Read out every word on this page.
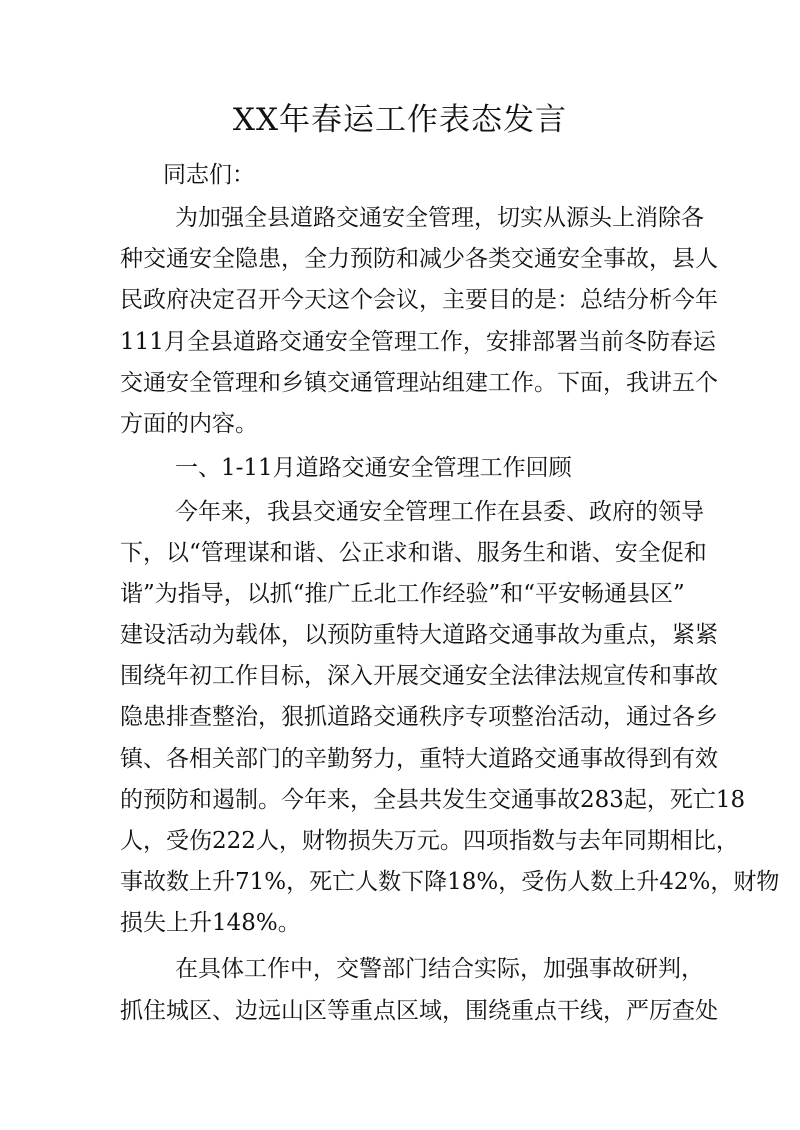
XX年春运工作表态发言
同志们：
为加强全县道路交通安全管理，切实从源头上消除各
种交通安全隐患，全力预防和减少各类交通安全事故，县人
民政府决定召开今天这个会议，主要目的是：总结分析今年
111月全县道路交通安全管理工作，安排部署当前冬防春运
交通安全管理和乡镇交通管理站组建工作。下面，我讲五个
方面的内容。
一、1-11月道路交通安全管理工作回顾
今年来，我县交通安全管理工作在县委、政府的领导
下，以“管理谋和谐、公正求和谐、服务生和谐、安全促和
谐”为指导，以抓“推广丘北工作经验”和“平安畅通县区”
建设活动为载体，以预防重特大道路交通事故为重点，紧紧
围绕年初工作目标，深入开展交通安全法律法规宣传和事故
隐患排查整治，狠抓道路交通秩序专项整治活动，通过各乡
镇、各相关部门的辛勤努力，重特大道路交通事故得到有效
的预防和遏制。今年来，全县共发生交通事故283起，死亡18
人，受伤222人，财物损失万元。四项指数与去年同期相比，
事故数上升71%，死亡人数下降18%，受伤人数上升42%，财物
损失上升148%。
在具体工作中，交警部门结合实际，加强事故研判，
抓住城区、边远山区等重点区域，围绕重点干线，严厉查处
